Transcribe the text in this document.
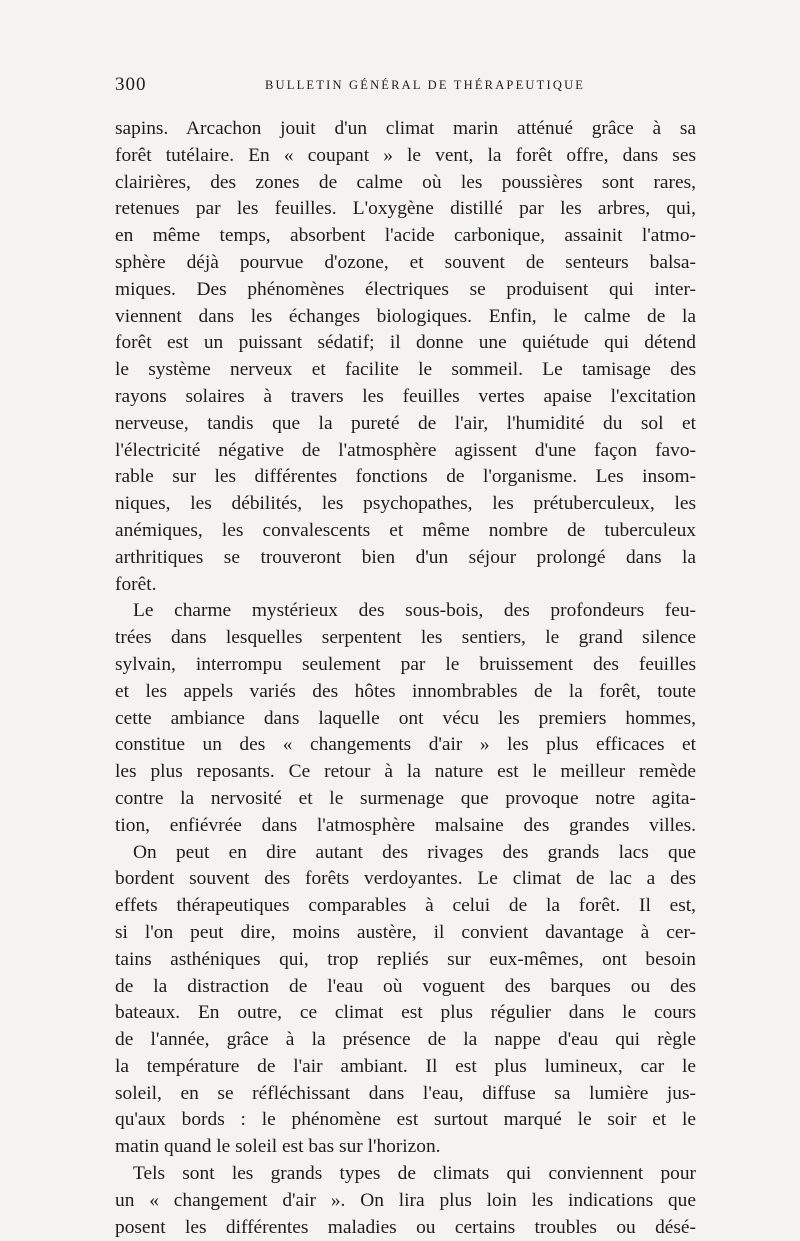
300	BULLETIN GÉNÉRAL DE THÉRAPEUTIQUE
sapins. Arcachon jouit d'un climat marin atténué grâce à sa
forêt tutélaire. En « coupant » le vent, la forêt offre, dans ses
clairières, des zones de calme où les poussières sont rares,
retenues par les feuilles. L'oxygène distillé par les arbres, qui,
en même temps, absorbent l'acide carbonique, assainit l'atmo-
sphère déjà pourvue d'ozone, et souvent de senteurs balsa-
miques. Des phénomènes électriques se produisent qui inter-
viennent dans les échanges biologiques. Enfin, le calme de la
forêt est un puissant sédatif; il donne une quiétude qui détend
le système nerveux et facilite le sommeil. Le tamisage des
rayons solaires à travers les feuilles vertes apaise l'excitation
nerveuse, tandis que la pureté de l'air, l'humidité du sol et
l'électricité négative de l'atmosphère agissent d'une façon favo-
rable sur les différentes fonctions de l'organisme. Les insom-
niques, les débilités, les psychopathes, les prétuberculeux, les
anémiques, les convalescents et même nombre de tuberculeux
arthritiques se trouveront bien d'un séjour prolongé dans la
forêt.
Le charme mystérieux des sous-bois, des profondeurs feu-
trées dans lesquelles serpentent les sentiers, le grand silence
sylvain, interrompu seulement par le bruissement des feuilles
et les appels variés des hôtes innombrables de la forêt, toute
cette ambiance dans laquelle ont vécu les premiers hommes,
constitue un des « changements d'air » les plus efficaces et
les plus reposants. Ce retour à la nature est le meilleur remède
contre la nervosité et le surmenage que provoque notre agita-
tion, enfiévrée dans l'atmosphère malsaine des grandes villes.
On peut en dire autant des rivages des grands lacs que
bordent souvent des forêts verdoyantes. Le climat de lac a des
effets thérapeutiques comparables à celui de la forêt. Il est,
si l'on peut dire, moins austère, il convient davantage à cer-
tains asthéniques qui, trop repliés sur eux-mêmes, ont besoin
de la distraction de l'eau où voguent des barques ou des
bateaux. En outre, ce climat est plus régulier dans le cours
de l'année, grâce à la présence de la nappe d'eau qui règle
la température de l'air ambiant. Il est plus lumineux, car le
soleil, en se réfléchissant dans l'eau, diffuse sa lumière jus-
qu'aux bords : le phénomène est surtout marqué le soir et le
matin quand le soleil est bas sur l'horizon.
Tels sont les grands types de climats qui conviennent pour
un « changement d'air ». On lira plus loin les indications que
posent les différentes maladies ou certains troubles ou désé-
